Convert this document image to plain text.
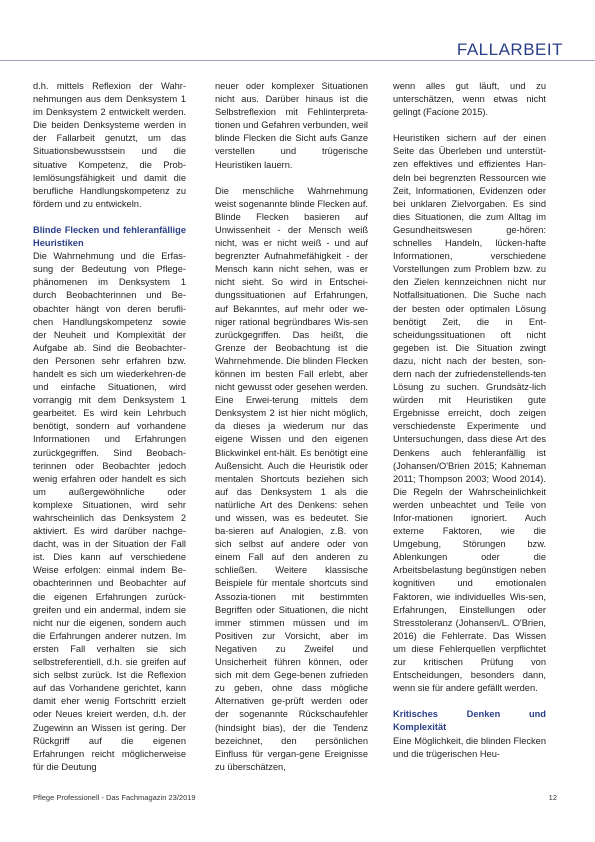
FALLARBEIT

d.h. mittels Reflexion der Wahr-nehmungen aus dem Denksystem 1 im Denksystem 2 entwickelt werden. Die beiden Denksysteme werden in der Fallarbeit genutzt, um das Situationsbewusstsein und die situative Kompetenz, die Prob-lemlösungsfähigkeit und damit die berufliche Handlungskompetenz zu fördern und zu entwickeln.

Blinde Flecken und fehleranfällige Heuristiken

Die Wahrnehmung und die Erfas-sung der Bedeutung von Pflege-phänomenen im Denksystem 1 durch Beobachterinnen und Be-obachter hängt von deren berufli-chen Handlungskompetenz sowie der Neuheit und Komplexität der Aufgabe ab. Sind die Beobachter-den Personen sehr erfahren bzw. handelt es sich um wiederkehren-de und einfache Situationen, wird vorrangig mit dem Denksystem 1 gearbeitet. Es wird kein Lehrbuch benötigt, sondern auf vorhandene Informationen und Erfahrungen zurückgegriffen. Sind Beobach-terinnen oder Beobachter jedoch wenig erfahren oder handelt es sich um außergewöhnliche oder komplexe Situationen, wird sehr wahrscheinlich das Denksystem 2 aktiviert. Es wird darüber nachge-dacht, was in der Situation der Fall ist. Dies kann auf verschiedene Weise erfolgen: einmal indem Be-obachterinnen und Beobachter auf die eigenen Erfahrungen zurück-greifen und ein andermal, indem sie nicht nur die eigenen, sondern auch die Erfahrungen anderer nutzen. Im ersten Fall verhalten sie sich selbstreferentiell, d.h. sie greifen auf sich selbst zurück. Ist die Reflexion auf das Vorhandene gerichtet, kann damit eher wenig Fortschritt erzielt oder Neues kreiert werden, d.h. der Zugewinn an Wissen ist gering. Der Rückgriff auf die eigenen Erfahrungen reicht möglicherweise für die Deutung

neuer oder komplexer Situationen nicht aus. Darüber hinaus ist die Selbstreflexion mit Fehlinterpreta-tionen und Gefahren verbunden, weil blinde Flecken die Sicht aufs Ganze verstellen und trügerische Heuristiken lauern.

Die menschliche Wahrnehmung weist sogenannte blinde Flecken auf. Blinde Flecken basieren auf Unwissenheit - der Mensch weiß nicht, was er nicht weiß - und auf begrenzter Aufnahmefähigkeit - der Mensch kann nicht sehen, was er nicht sieht. So wird in Entschei-dungssituationen auf Erfahrungen, auf Bekanntes, auf mehr oder we-niger rational begründbares Wis-sen zurückgegriffen. Das heißt, die Grenze der Beobachtung ist die Wahrnehmende. Die blinden Flecken können im besten Fall erlebt, aber nicht gewusst oder gesehen werden. Eine Erwei-terung mittels dem Denksystem 2 ist hier nicht möglich, da dieses ja wiederum nur das eigene Wissen und den eigenen Blickwinkel ent-hält. Es benötigt eine Außensicht. Auch die Heuristik oder mentalen Shortcuts beziehen sich auf das Denksystem 1 als die natürliche Art des Denkens: sehen und wissen, was es bedeutet. Sie ba-sieren auf Analogien, z.B. von sich selbst auf andere oder von einem Fall auf den anderen zu schließen. Weitere klassische Beispiele für mentale shortcuts sind Assozia-tionen mit bestimmten Begriffen oder Situationen, die nicht immer stimmen müssen und im Positiven zur Vorsicht, aber im Negativen zu Zweifel und Unsicherheit führen können, oder sich mit dem Gege-benen zufrieden zu geben, ohne dass mögliche Alternativen ge-prüft werden oder der sogenannte Rückschaufehler (hindsight bias), der die Tendenz bezeichnet, den persönlichen Einfluss für vergan-gene Ereignisse zu überschätzen,

wenn alles gut läuft, und zu unterschätzen, wenn etwas nicht gelingt (Facione 2015).

Heuristiken sichern auf der einen Seite das Überleben und unterstüt-zen effektives und effizientes Han-deln bei begrenzten Ressourcen wie Zeit, Informationen, Evidenzen oder bei unklaren Zielvorgaben. Es sind dies Situationen, die zum Alltag im Gesundheitswesen ge-hören: schnelles Handeln, lücken-hafte Informationen, verschiedene Vorstellungen zum Problem bzw. zu den Zielen kennzeichnen nicht nur Notfallsituationen. Die Suche nach der besten oder optimalen Lösung benötigt Zeit, die in Ent-scheidungssituationen oft nicht gegeben ist. Die Situation zwingt dazu, nicht nach der besten, son-dern nach der zufriedenstellends-ten Lösung zu suchen. Grundsätz-lich würden mit Heuristiken gute Ergebnisse erreicht, doch zeigen verschiedenste Experimente und Untersuchungen, dass diese Art des Denkens auch fehleranfällig ist (Johansen/O'Brien 2015; Kahneman 2011; Thompson 2003; Wood 2014). Die Regeln der Wahrscheinlichkeit werden unbeachtet und Teile von Infor-mationen ignoriert. Auch externe Faktoren, wie die Umgebung, Störungen bzw. Ablenkungen oder die Arbeitsbelastung begünstigen neben kognitiven und emotionalen Faktoren, wie individuelles Wis-sen, Erfahrungen, Einstellungen oder Stresstoleranz (Johansen/L. O'Brien, 2016) die Fehlerrate. Das Wissen um diese Fehlerquellen verpflichtet zur kritischen Prüfung von Entscheidungen, besonders dann, wenn sie für andere gefällt werden.

Kritisches Denken und Komplexität

Eine Möglichkeit, die blinden Flecken und die trügerischen Heu-

Pflege Professionell - Das Fachmagazin 23/2019	12
